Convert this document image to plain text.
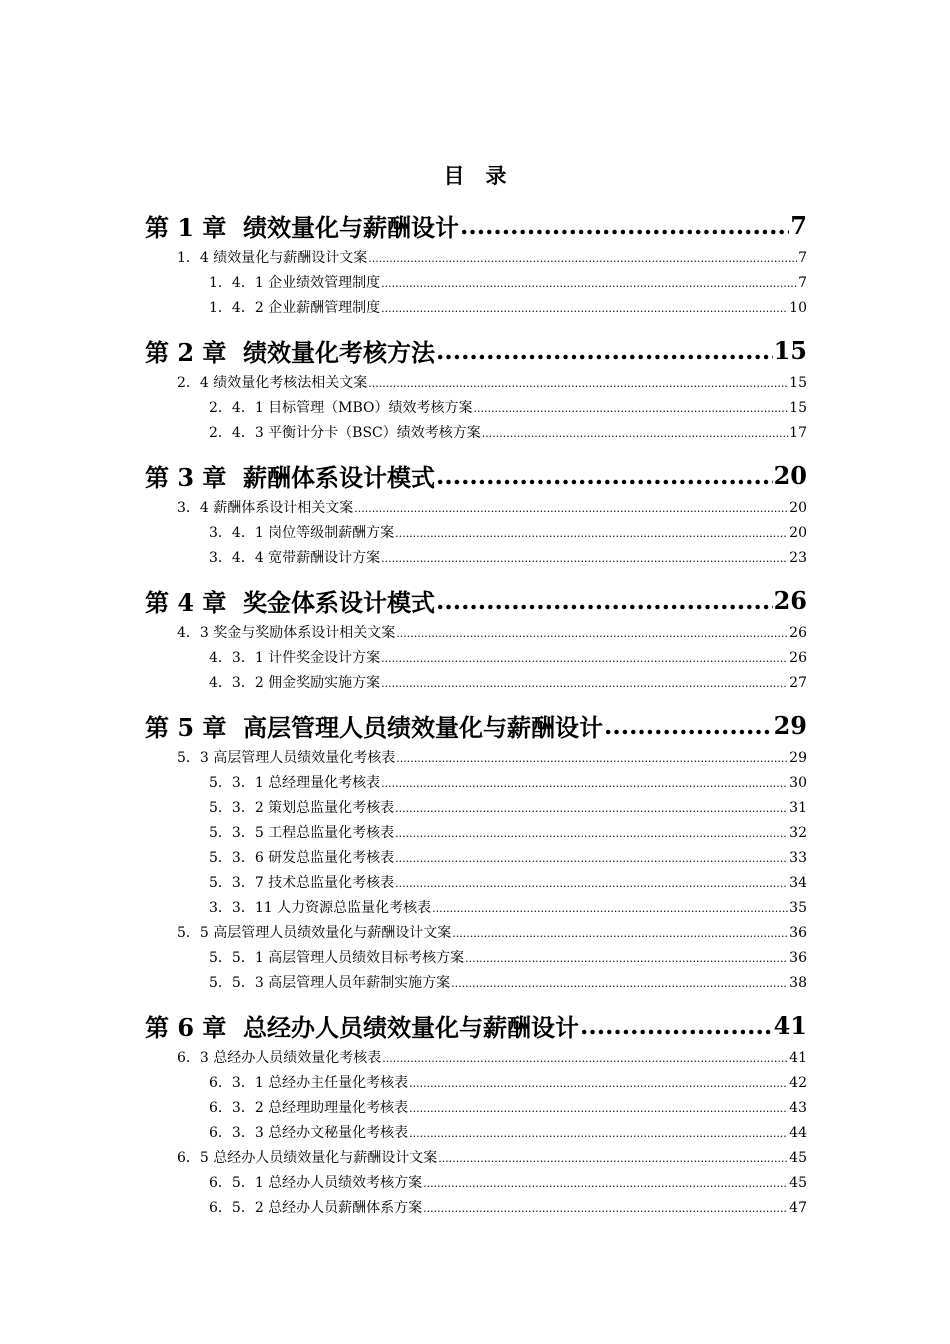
目　录
第 1 章 绩效量化与薪酬设计 .....	7
1．4 绩效量化与薪酬设计文案 .....	7
1．4．1 企业绩效管理制度 .....	7
1．4．2 企业薪酬管理制度 .....	10
第 2 章 绩效量化考核方法 .....	15
2．4 绩效量化考核法相关文案 .....	15
2．4．1 目标管理（MBO）绩效考核方案 .....	15
2．4．3 平衡计分卡（BSC）绩效考核方案 .....	17
第 3 章 薪酬体系设计模式 .....	20
3．4 薪酬体系设计相关文案 .....	20
3．4．1 岗位等级制薪酬方案 .....	20
3．4．4 宽带薪酬设计方案 .....	23
第 4 章 奖金体系设计模式 .....	26
4．3 奖金与奖励体系设计相关文案 .....	26
4．3．1 计件奖金设计方案 .....	26
4．3．2 佣金奖励实施方案 .....	27
第 5 章 高层管理人员绩效量化与薪酬设计 .....	29
5．3 高层管理人员绩效量化考核表 .....	29
5．3．1 总经理量化考核表 .....	30
5．3．2 策划总监量化考核表 .....	31
5．3．5 工程总监量化考核表 .....	32
5．3．6 研发总监量化考核表 .....	33
5．3．7 技术总监量化考核表 .....	34
3．3．11 人力资源总监量化考核表 .....	35
5．5 高层管理人员绩效量化与薪酬设计文案 .....	36
5．5．1 高层管理人员绩效目标考核方案 .....	36
5．5．3 高层管理人员年薪制实施方案 .....	38
第 6 章 总经办人员绩效量化与薪酬设计 .....	41
6．3 总经办人员绩效量化考核表 .....	41
6．3．1 总经办主任量化考核表 .....	42
6．3．2 总经理助理量化考核表 .....	43
6．3．3 总经办文秘量化考核表 .....	44
6．5 总经办人员绩效量化与薪酬设计文案 .....	45
6．5．1 总经办人员绩效考核方案 .....	45
6．5．2 总经办人员薪酬体系方案 .....	47
